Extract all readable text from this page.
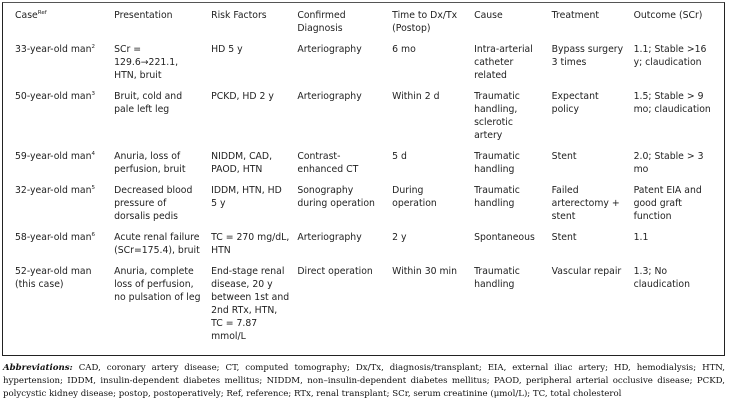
Case$^{Ref}$	Presentation	Risk Factors	Confirmed Diagnosis	Time to Dx/Tx (Postop)	Cause	Treatment	Outcome (SCr)
33-year-old man$^2$	SCr = 129.6→221.1, HTN, bruit	HD 5 y	Arteriography	6 mo	Intra-arterial catheter related	Bypass surgery 3 times	1.1; Stable >16 y; claudication
50-year-old man$^3$	Bruit, cold and pale left leg	PCKD, HD 2 y	Arteriography	Within 2 d	Traumatic handling, sclerotic artery	Expectant policy	1.5; Stable > 9 mo; claudication
59-year-old man$^4$	Anuria, loss of perfusion, bruit	NIDDM, CAD, PAOD, HTN	Contrast-enhanced CT	5 d	Traumatic handling	Stent	2.0; Stable > 3 mo
32-year-old man$^5$	Decreased blood pressure of dorsalis pedis	IDDM, HTN, HD 5 y	Sonography during operation	During operation	Traumatic handling	Failed arterectomy + stent	Patent EIA and good graft function
58-year-old man$^6$	Acute renal failure (SCr=175.4), bruit	TC = 270 mg/dL, HTN	Arteriography	2 y	Spontaneous	Stent	1.1
52-year-old man (this case)	Anuria, complete loss of perfusion, no pulsation of leg	End-stage renal disease, 20 y between 1st and 2nd RTx, HTN, TC = 7.87 mmol/L	Direct operation	Within 30 min	Traumatic handling	Vascular repair	1.3; No claudication
Abbreviations: CAD, coronary artery disease; CT, computed tomography; Dx/Tx, diagnosis/transplant; EIA, external iliac artery; HD, hemodialysis; HTN, hypertension; IDDM, insulin-dependent diabetes mellitus; NIDDM, non–insulin-dependent diabetes mellitus; PAOD, peripheral arterial occlusive disease; PCKD, polycystic kidney disease; postop, postoperatively; Ref, reference; RTx, renal transplant; SCr, serum creatinine (μmol/L); TC, total cholesterol
